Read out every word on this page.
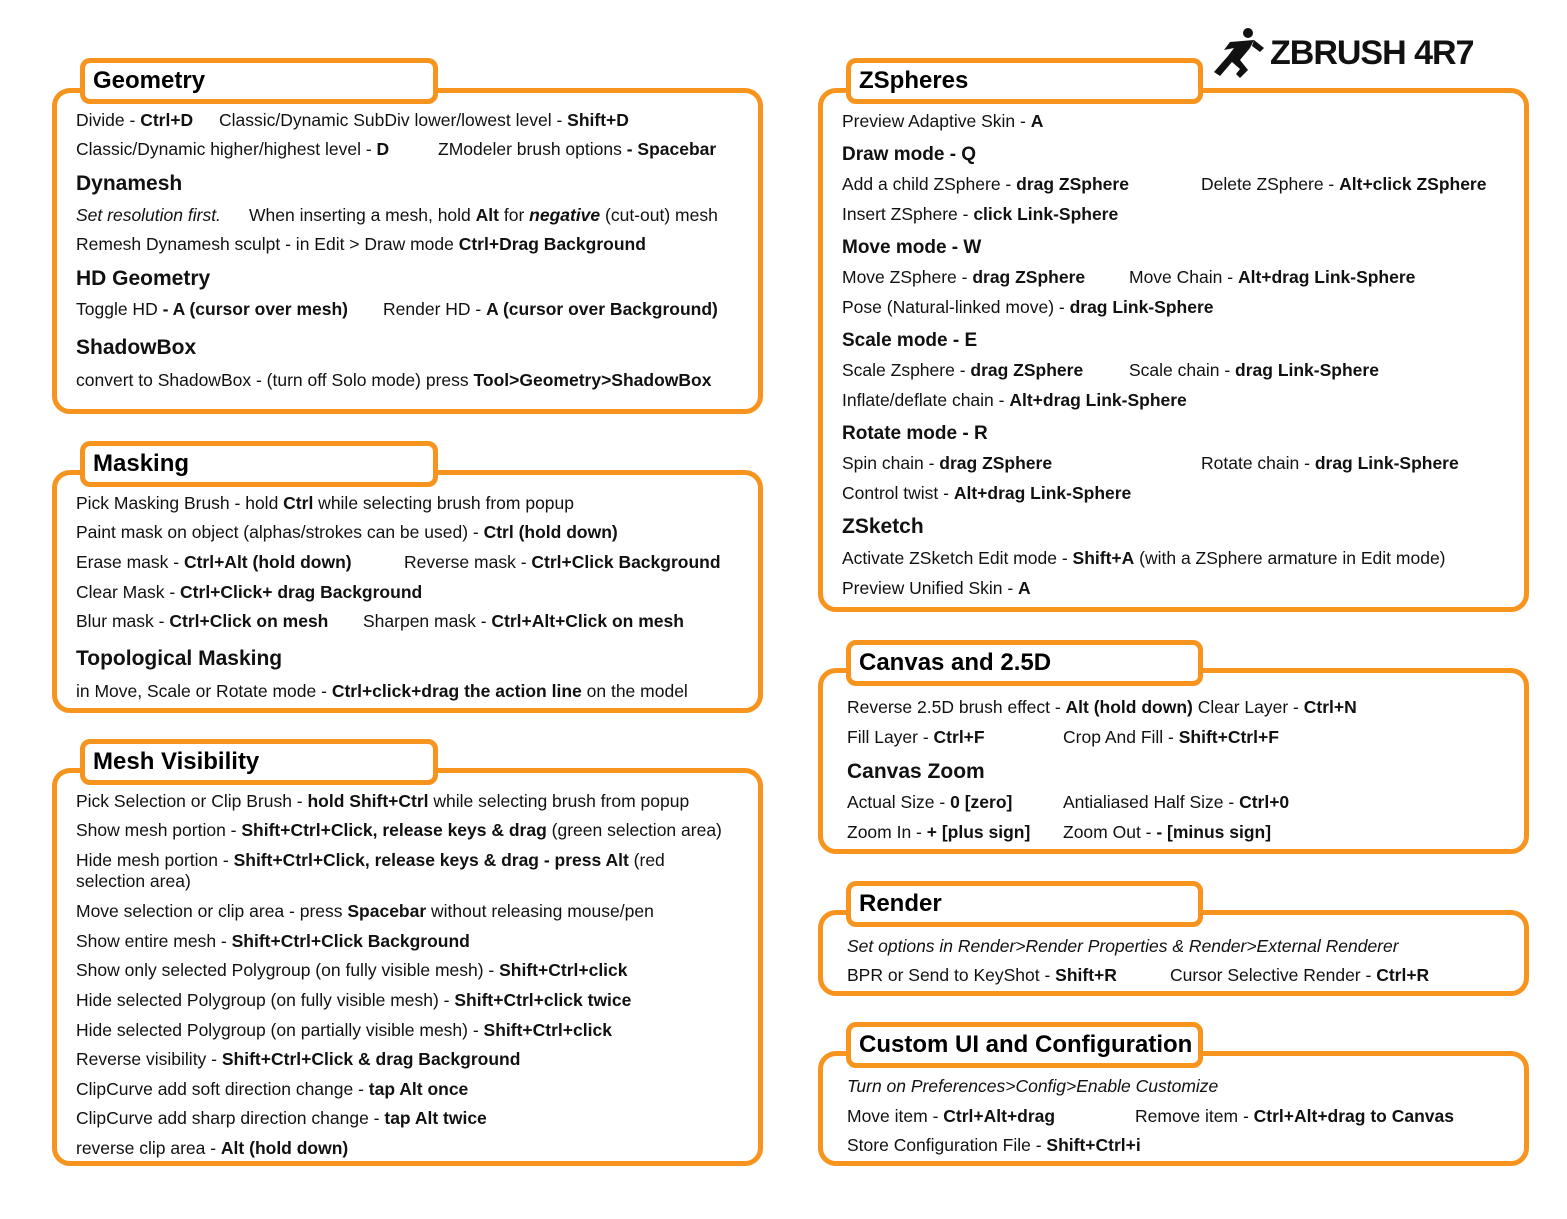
ZBRUSH 4R7
Geometry
Divide - Ctrl+D Classic/Dynamic SubDiv lower/lowest level - Shift+D
Classic/Dynamic higher/highest level - D	ZModeler brush options - Spacebar
Dynamesh
Set resolution first. When inserting a mesh, hold Alt for negative (cut-out) mesh
Remesh Dynamesh sculpt - in Edit > Draw mode Ctrl+Drag Background
HD Geometry
Toggle HD - A (cursor over mesh) Render HD - A (cursor over Background)
ShadowBox
convert to ShadowBox - (turn off Solo mode) press Tool>Geometry>ShadowBox
Masking
Pick Masking Brush - hold Ctrl while selecting brush from popup
Paint mask on object (alphas/strokes can be used) - Ctrl (hold down)
Erase mask - Ctrl+Alt (hold down)	Reverse mask - Ctrl+Click Background
Clear Mask - Ctrl+Click+ drag Background
Blur mask - Ctrl+Click on mesh Sharpen mask - Ctrl+Alt+Click on mesh
Topological Masking
in Move, Scale or Rotate mode - Ctrl+click+drag the action line on the model
Mesh Visibility
Pick Selection or Clip Brush - hold Shift+Ctrl while selecting brush from popup
Show mesh portion - Shift+Ctrl+Click, release keys & drag (green selection area)
Hide mesh portion - Shift+Ctrl+Click, release keys & drag - press Alt (red
selection area)
Move selection or clip area - press Spacebar without releasing mouse/pen
Show entire mesh - Shift+Ctrl+Click Background
Show only selected Polygroup (on fully visible mesh) - Shift+Ctrl+click
Hide selected Polygroup (on fully visible mesh) - Shift+Ctrl+click twice
Hide selected Polygroup (on partially visible mesh) - Shift+Ctrl+click
Reverse visibility - Shift+Ctrl+Click & drag Background
ClipCurve add soft direction change - tap Alt once
ClipCurve add sharp direction change - tap Alt twice
reverse clip area - Alt (hold down)
ZSpheres
Preview Adaptive Skin - A
Draw mode - Q
Add a child ZSphere - drag ZSphere	Delete ZSphere - Alt+click ZSphere
Insert ZSphere - click Link-Sphere
Move mode - W
Move ZSphere - drag ZSphere	Move Chain - Alt+drag Link-Sphere
Pose (Natural-linked move) - drag Link-Sphere
Scale mode - E
Scale Zsphere - drag ZSphere	Scale chain - drag Link-Sphere
Inflate/deflate chain - Alt+drag Link-Sphere
Rotate mode - R
Spin chain - drag ZSphere	Rotate chain - drag Link-Sphere
Control twist - Alt+drag Link-Sphere
ZSketch
Activate ZSketch Edit mode - Shift+A (with a ZSphere armature in Edit mode)
Preview Unified Skin - A
Canvas and 2.5D
Reverse 2.5D brush effect - Alt (hold down) Clear Layer - Ctrl+N
Fill Layer - Ctrl+F	Crop And Fill - Shift+Ctrl+F
Canvas Zoom
Actual Size - 0 [zero]	Antialiased Half Size - Ctrl+0
Zoom In - + [plus sign] Zoom Out - - [minus sign]
Render
Set options in Render>Render Properties & Render>External Renderer
BPR or Send to KeyShot - Shift+R	Cursor Selective Render - Ctrl+R
Custom UI and Configuration
Turn on Preferences>Config>Enable Customize
Move item - Ctrl+Alt+drag	Remove item - Ctrl+Alt+drag to Canvas
Store Configuration File - Shift+Ctrl+i
